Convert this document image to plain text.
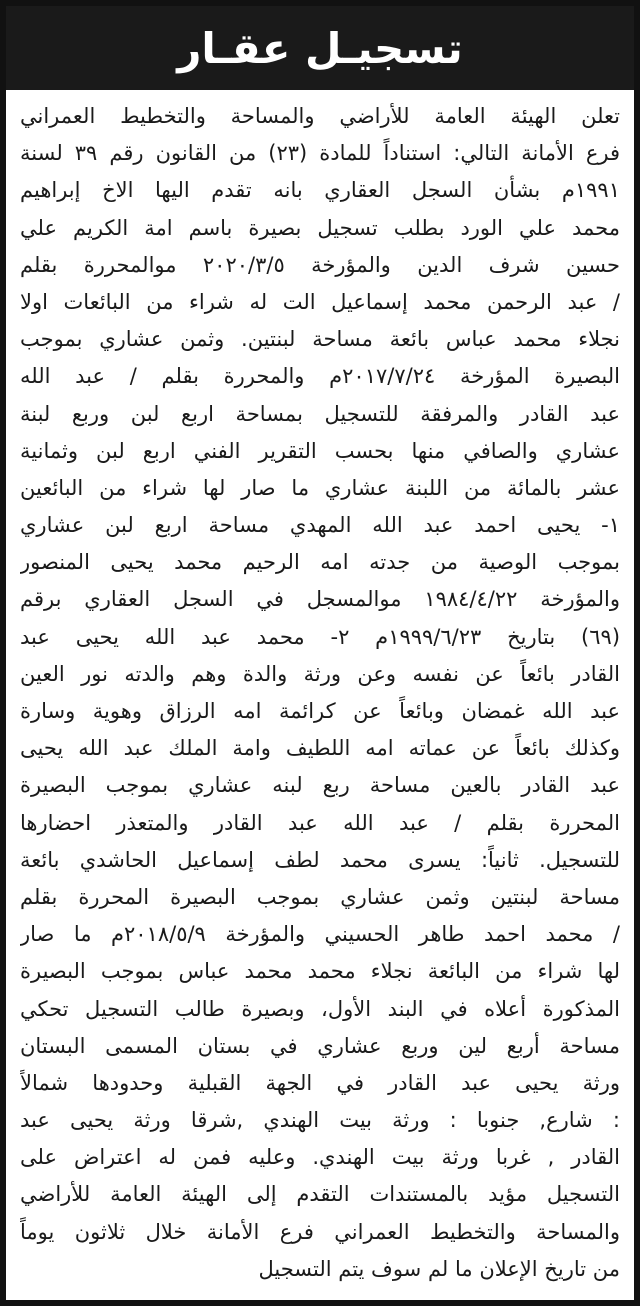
تسجيـل عقـار
تعلن الهيئة العامة للأراضي والمساحة والتخطيط العمراني
فرع الأمانة التالي: استناداً للمادة (٢٣) من القانون رقم ٣٩ لسنة
١٩٩١م بشأن السجل العقاري بانه تقدم اليها الاخ إبراهيم
محمد علي الورد بطلب تسجيل بصيرة باسم امة الكريم علي
حسين شرف الدين والمؤرخة ٢٠٢٠/٣/٥ موالمحررة بقلم
/ عبد الرحمن محمد إسماعيل الت له شراء من البائعات اولا
نجلاء محمد عباس بائعة مساحة لبنتين. وثمن عشاري بموجب
البصيرة المؤرخة ٢٠١٧/٧/٢٤م والمحررة بقلم / عبد الله
عبد القادر والمرفقة للتسجيل بمساحة اربع لبن وربع لبنة
عشاري والصافي منها بحسب التقرير الفني اربع لبن وثمانية
عشر بالمائة من اللبنة عشاري ما صار لها شراء من البائعين
١- يحيى احمد عبد الله المهدي مساحة اربع لبن عشاري
بموجب الوصية من جدته امه الرحيم محمد يحيى المنصور
والمؤرخة ١٩٨٤/٤/٢٢ موالمسجل في السجل العقاري برقم
(٦٩) بتاريخ ١٩٩٩/٦/٢٣م ٢- محمد عبد الله يحيى عبد
القادر بائعاً عن نفسه وعن ورثة والدة وهم والدته نور العين
عبد الله غمضان وبائعاً عن كرائمة امه الرزاق وهوية وسارة
وكذلك بائعاً عن عماته امه اللطيف وامة الملك عبد الله يحيى
عبد القادر بالعين مساحة ربع لبنه عشاري بموجب البصيرة
المحررة بقلم / عبد الله عبد القادر والمتعذر احضارها
للتسجيل. ثانياً: يسرى محمد لطف إسماعيل الحاشدي بائعة
مساحة لبنتين وثمن عشاري بموجب البصيرة المحررة بقلم
/ محمد احمد طاهر الحسيني والمؤرخة ٢٠١٨/٥/٩م ما صار
لها شراء من البائعة نجلاء محمد محمد عباس بموجب البصيرة
المذكورة أعلاه في البند الأول، وبصيرة طالب التسجيل تحكي
مساحة أربع لين وربع عشاري في بستان المسمى البستان
ورثة يحيى عبد القادر في الجهة القبلية وحدودها شمالاً
: شارع, جنوبا : ورثة بيت الهندي ,شرقا ورثة يحيى عبد
القادر , غربا ورثة بيت الهندي. وعليه فمن له اعتراض على
التسجيل مؤيد بالمستندات التقدم إلى الهيئة العامة للأراضي
والمساحة والتخطيط العمراني فرع الأمانة خلال ثلاثون يوماً
من تاريخ الإعلان ما لم سوف يتم التسجيل
